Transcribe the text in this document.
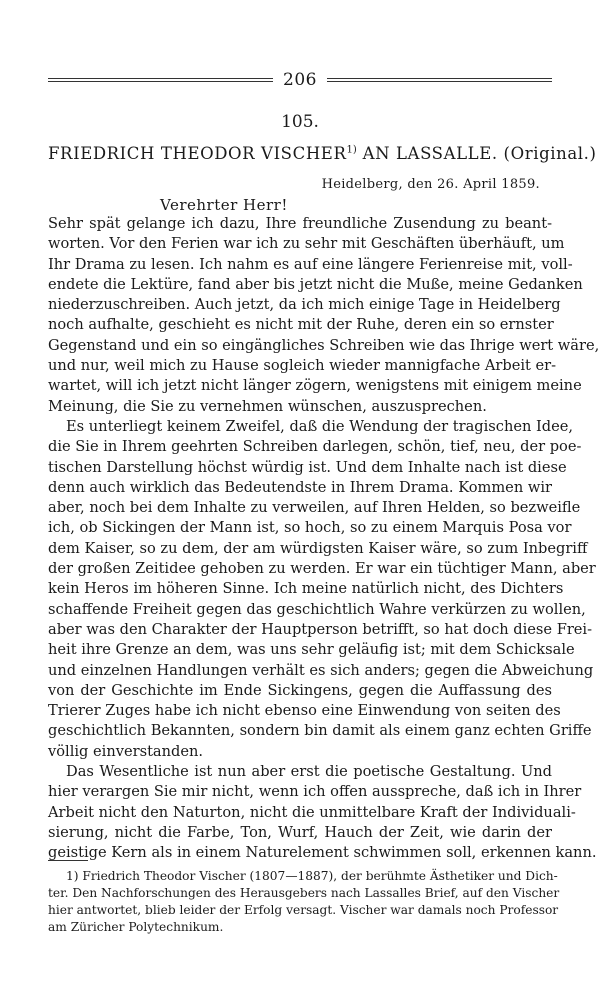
206
105.
FRIEDRICH THEODOR VISCHER$^{1)}$ AN LASSALLE. (Original.)
Heidelberg, den 26. April 1859.
Verehrter Herr!
Sehr spät gelange ich dazu, Ihre freundliche Zusendung zu beant-
worten. Vor den Ferien war ich zu sehr mit Geschäften überhäuft, um
Ihr Drama zu lesen. Ich nahm es auf eine längere Ferienreise mit, voll-
endete die Lektüre, fand aber bis jetzt nicht die Muße, meine Gedanken
niederzuschreiben. Auch jetzt, da ich mich einige Tage in Heidelberg
noch aufhalte, geschieht es nicht mit der Ruhe, deren ein so ernster
Gegenstand und ein so eingängliches Schreiben wie das Ihrige wert wäre,
und nur, weil mich zu Hause sogleich wieder mannigfache Arbeit er-
wartet, will ich jetzt nicht länger zögern, wenigstens mit einigem meine
Meinung, die Sie zu vernehmen wünschen, auszusprechen.
Es unterliegt keinem Zweifel, daß die Wendung der tragischen Idee,
die Sie in Ihrem geehrten Schreiben darlegen, schön, tief, neu, der poe-
tischen Darstellung höchst würdig ist. Und dem Inhalte nach ist diese
denn auch wirklich das Bedeutendste in Ihrem Drama. Kommen wir
aber, noch bei dem Inhalte zu verweilen, auf Ihren Helden, so bezweifle
ich, ob Sickingen der Mann ist, so hoch, so zu einem Marquis Posa vor
dem Kaiser, so zu dem, der am würdigsten Kaiser wäre, so zum Inbegriff
der großen Zeitidee gehoben zu werden. Er war ein tüchtiger Mann, aber
kein Heros im höheren Sinne. Ich meine natürlich nicht, des Dichters
schaffende Freiheit gegen das geschichtlich Wahre verkürzen zu wollen,
aber was den Charakter der Hauptperson betrifft, so hat doch diese Frei-
heit ihre Grenze an dem, was uns sehr geläufig ist; mit dem Schicksale
und einzelnen Handlungen verhält es sich anders; gegen die Abweichung
von der Geschichte im Ende Sickingens, gegen die Auffassung des
Trierer Zuges habe ich nicht ebenso eine Einwendung von seiten des
geschichtlich Bekannten, sondern bin damit als einem ganz echten Griffe
völlig einverstanden.
Das Wesentliche ist nun aber erst die poetische Gestaltung. Und
hier verargen Sie mir nicht, wenn ich offen ausspreche, daß ich in Ihrer
Arbeit nicht den Naturton, nicht die unmittelbare Kraft der Individuali-
sierung, nicht die Farbe, Ton, Wurf, Hauch der Zeit, wie darin der
geistige Kern als in einem Naturelement schwimmen soll, erkennen kann.
1) Friedrich Theodor Vischer (1807—1887), der berühmte Ästhetiker und Dich-
ter. Den Nachforschungen des Herausgebers nach Lassalles Brief, auf den Vischer
hier antwortet, blieb leider der Erfolg versagt. Vischer war damals noch Professor
am Züricher Polytechnikum.
